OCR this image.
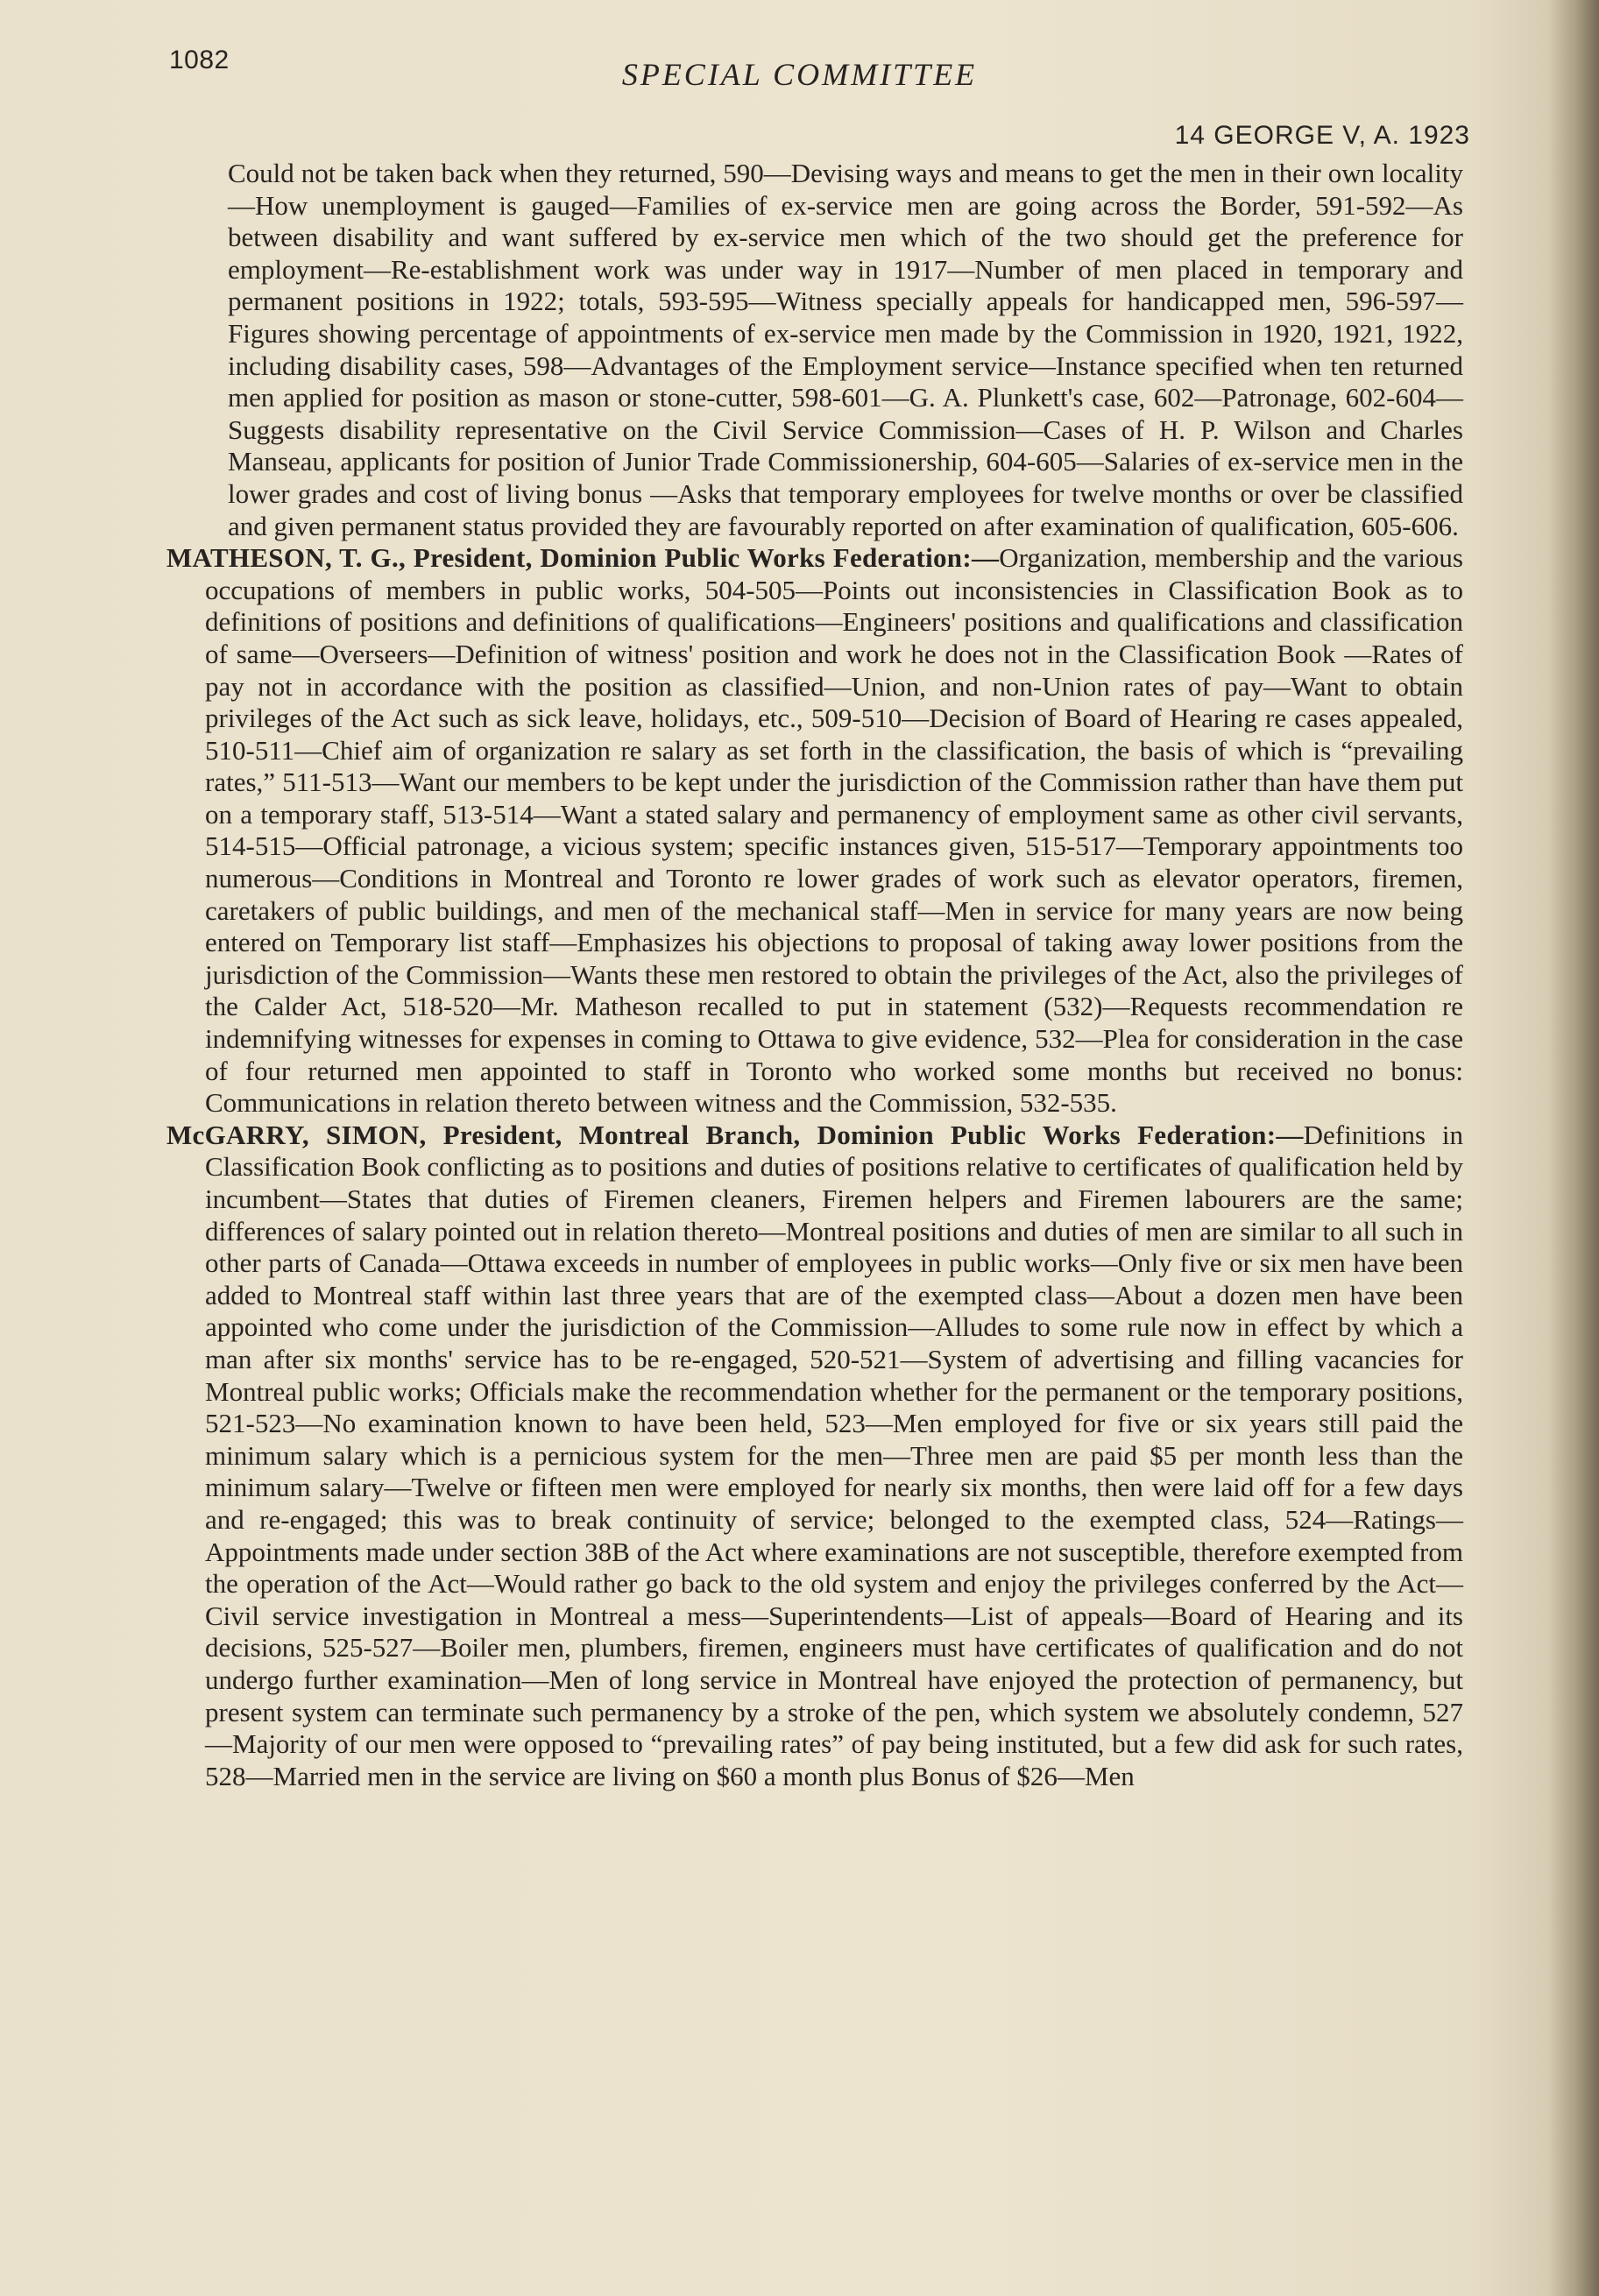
1082	SPECIAL COMMITTEE
14 GEORGE V, A. 1923

Could not be taken back when they returned, 590—Devising ways and means to get the men in their own locality—How unemployment is gauged—Families of ex-service men are going across the Border, 591-592—As between disability and want suffered by ex-service men which of the two should get the preference for employment—Re-establishment work was under way in 1917—Number of men placed in temporary and permanent positions in 1922; totals, 593-595—Witness specially appeals for handicapped men, 596-597—Figures showing percentage of appointments of ex-service men made by the Commission in 1920, 1921, 1922, including disability cases, 598—Advantages of the Employment service—Instance specified when ten returned men applied for position as mason or stone-cutter, 598-601—G. A. Plunkett's case, 602—Patronage, 602-604—Suggests disability representative on the Civil Service Commission—Cases of H. P. Wilson and Charles Manseau, applicants for position of Junior Trade Commissionership, 604-605—Salaries of ex-service men in the lower grades and cost of living bonus —Asks that temporary employees for twelve months or over be classified and given permanent status provided they are favourably reported on after examination of qualification, 605-606.

MATHESON, T. G., President, Dominion Public Works Federation:—Organization, membership and the various occupations of members in public works, 504-505—Points out inconsistencies in Classification Book as to definitions of positions and definitions of qualifications—Engineers' positions and qualifications and classification of same—Overseers—Definition of witness' position and work he does not in the Classification Book —Rates of pay not in accordance with the position as classified—Union, and non-Union rates of pay—Want to obtain privileges of the Act such as sick leave, holidays, etc., 509-510—Decision of Board of Hearing re cases appealed, 510-511—Chief aim of organization re salary as set forth in the classification, the basis of which is “prevailing rates,” 511-513—Want our members to be kept under the jurisdiction of the Commission rather than have them put on a temporary staff, 513-514—Want a stated salary and permanency of employment same as other civil servants, 514-515—Official patronage, a vicious system; specific instances given, 515-517—Temporary appointments too numerous—Conditions in Montreal and Toronto re lower grades of work such as elevator operators, firemen, caretakers of public buildings, and men of the mechanical staff—Men in service for many years are now being entered on Temporary list staff—Emphasizes his objections to proposal of taking away lower positions from the jurisdiction of the Commission—Wants these men restored to obtain the privileges of the Act, also the privileges of the Calder Act, 518-520—Mr. Matheson recalled to put in statement (532)—Requests recommendation re indemnifying witnesses for expenses in coming to Ottawa to give evidence, 532—Plea for consideration in the case of four returned men appointed to staff in Toronto who worked some months but received no bonus: Communications in relation thereto between witness and the Commission, 532-535.

McGARRY, SIMON, President, Montreal Branch, Dominion Public Works Federation:—Definitions in Classification Book conflicting as to positions and duties of positions relative to certificates of qualification held by incumbent—States that duties of Firemen cleaners, Firemen helpers and Firemen labourers are the same; differences of salary pointed out in relation thereto—Montreal positions and duties of men are similar to all such in other parts of Canada—Ottawa exceeds in number of employees in public works—Only five or six men have been added to Montreal staff within last three years that are of the exempted class—About a dozen men have been appointed who come under the jurisdiction of the Commission—Alludes to some rule now in effect by which a man after six months' service has to be re-engaged, 520-521—System of advertising and filling vacancies for Montreal public works; Officials make the recommendation whether for the permanent or the temporary positions, 521-523—No examination known to have been held, 523—Men employed for five or six years still paid the minimum salary which is a pernicious system for the men—Three men are paid $5 per month less than the minimum salary—Twelve or fifteen men were employed for nearly six months, then were laid off for a few days and re-engaged; this was to break continuity of service; belonged to the exempted class, 524—Ratings—Appointments made under section 38B of the Act where examinations are not susceptible, therefore exempted from the operation of the Act—Would rather go back to the old system and enjoy the privileges conferred by the Act—Civil service investigation in Montreal a mess—Superintendents—List of appeals—Board of Hearing and its decisions, 525-527—Boiler men, plumbers, firemen, engineers must have certificates of qualification and do not undergo further examination—Men of long service in Montreal have enjoyed the protection of permanency, but present system can terminate such permanency by a stroke of the pen, which system we absolutely condemn, 527—Majority of our men were opposed to “prevailing rates” of pay being instituted, but a few did ask for such rates, 528—Married men in the service are living on $60 a month plus Bonus of $26—Men
